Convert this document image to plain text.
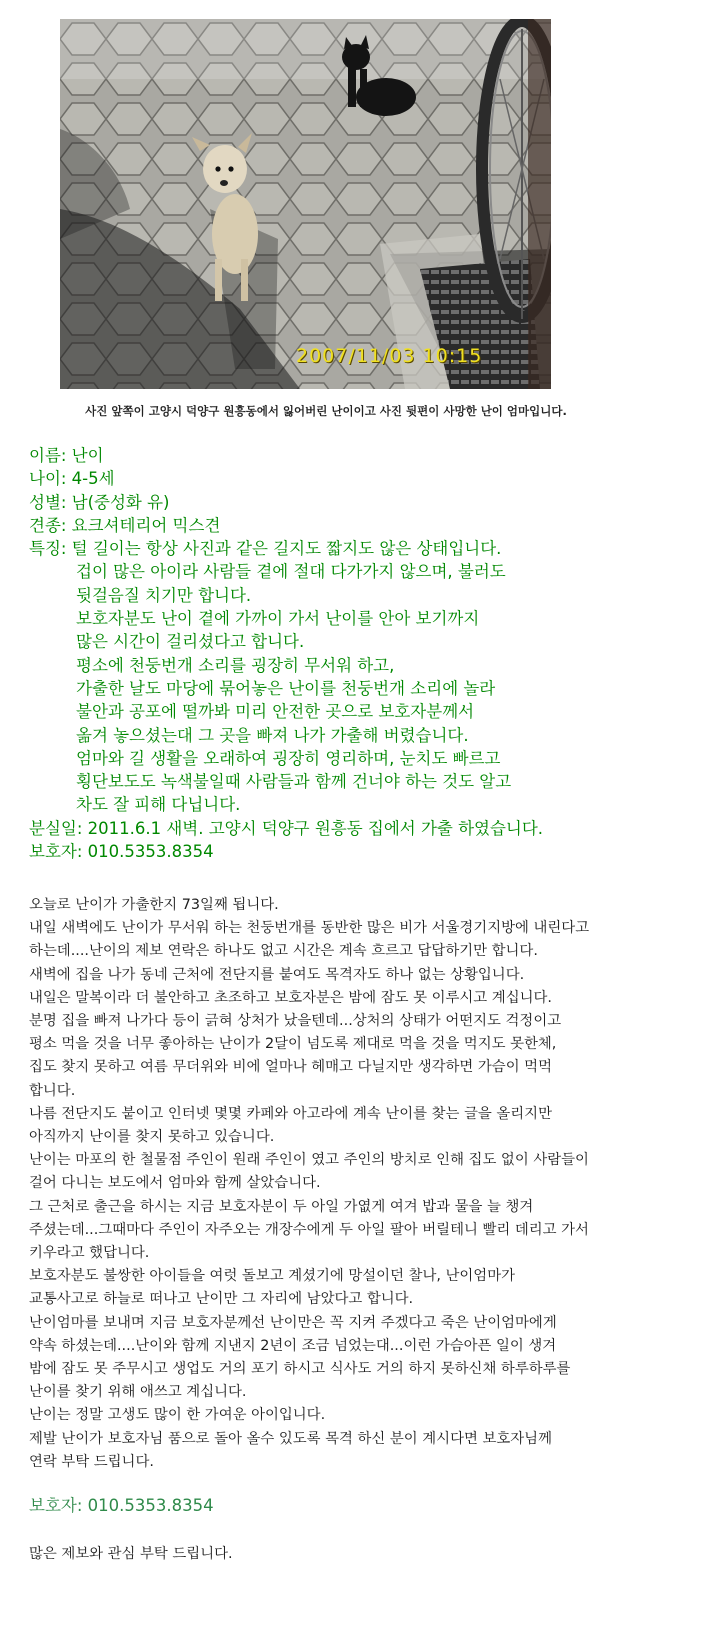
2007/11/03 10:15
사진 앞쪽이 고양시 덕양구 원흥동에서 잃어버린 난이이고 사진 뒷편이 사망한 난이 엄마입니다.
이름: 난이
나이: 4-5세
성별: 남(중성화 유)
견종: 요크셔테리어 믹스견
특징: 털 길이는 항상 사진과 같은 길지도 짧지도 않은 상태입니다.
겁이 많은 아이라 사람들 곁에 절대 다가가지 않으며, 불러도
뒷걸음질 치기만 합니다.
보호자분도 난이 곁에 가까이 가서 난이를 안아 보기까지
많은 시간이 걸리셨다고 합니다.
평소에 천둥번개 소리를 굉장히 무서워 하고,
가출한 날도 마당에 묶어놓은 난이를 천둥번개 소리에 놀라
불안과 공포에 떨까봐 미리 안전한 곳으로 보호자분께서
옮겨 놓으셨는대 그 곳을 빠져 나가 가출해 버렸습니다.
엄마와 길 생활을 오래하여 굉장히 영리하며, 눈치도 빠르고
횡단보도도 녹색불일때 사람들과 함께 건너야 하는 것도 알고
차도 잘 피해 다닙니다.
분실일: 2011.6.1 새벽. 고양시 덕양구 원흥동 집에서 가출 하였습니다.
보호자: 010.5353.8354
오늘로 난이가 가출한지 73일째 됩니다.
내일 새벽에도 난이가 무서워 하는 천둥번개를 동반한 많은 비가 서울경기지방에 내린다고
하는데....난이의 제보 연락은 하나도 없고 시간은 계속 흐르고 답답하기만 합니다.
새벽에 집을 나가 동네 근처에 전단지를 붙여도 목격자도 하나 없는 상황입니다.
내일은 말복이라 더 불안하고 초조하고 보호자분은 밤에 잠도 못 이루시고 계십니다.
분명 집을 빠져 나가다 등이 긁혀 상처가 났을텐데...상처의 상태가 어떤지도 걱정이고
평소 먹을 것을 너무 좋아하는 난이가 2달이 넘도록 제대로 먹을 것을 먹지도 못한체,
집도 찾지 못하고 여름 무더위와 비에 얼마나 헤매고 다닐지만 생각하면 가슴이 먹먹
합니다.
나름 전단지도 붙이고 인터넷 몇몇 카페와 아고라에 계속 난이를 찾는 글을 올리지만
아직까지 난이를 찾지 못하고 있습니다.
난이는 마포의 한 철물점 주인이 원래 주인이 였고 주인의 방치로 인해 집도 없이 사람들이
걸어 다니는 보도에서 엄마와 함께 살았습니다.
그 근처로 출근을 하시는 지금 보호자분이 두 아일 가엾게 여겨 밥과 물을 늘 챙겨
주셨는데...그때마다 주인이 자주오는 개장수에게 두 아일 팔아 버릴테니 빨리 데리고 가서
키우라고 했답니다.
보호자분도 불쌍한 아이들을 여럿 돌보고 계셨기에 망설이던 찰나, 난이엄마가
교통사고로 하늘로 떠나고 난이만 그 자리에 남았다고 합니다.
난이엄마를 보내며 지금 보호자분께선 난이만은 꼭 지켜 주겠다고 죽은 난이엄마에게
약속 하셨는데....난이와 함께 지낸지 2년이 조금 넘었는대...이런 가슴아픈 일이 생겨
밤에 잠도 못 주무시고 생업도 거의 포기 하시고 식사도 거의 하지 못하신채 하루하루를
난이를 찾기 위해 애쓰고 계십니다.
난이는 정말 고생도 많이 한 가여운 아이입니다.
제발 난이가 보호자님 품으로 돌아 올수 있도록 목격 하신 분이 계시다면 보호자님께
연락 부탁 드립니다.
보호자: 010.5353.8354
많은 제보와 관심 부탁 드립니다.
